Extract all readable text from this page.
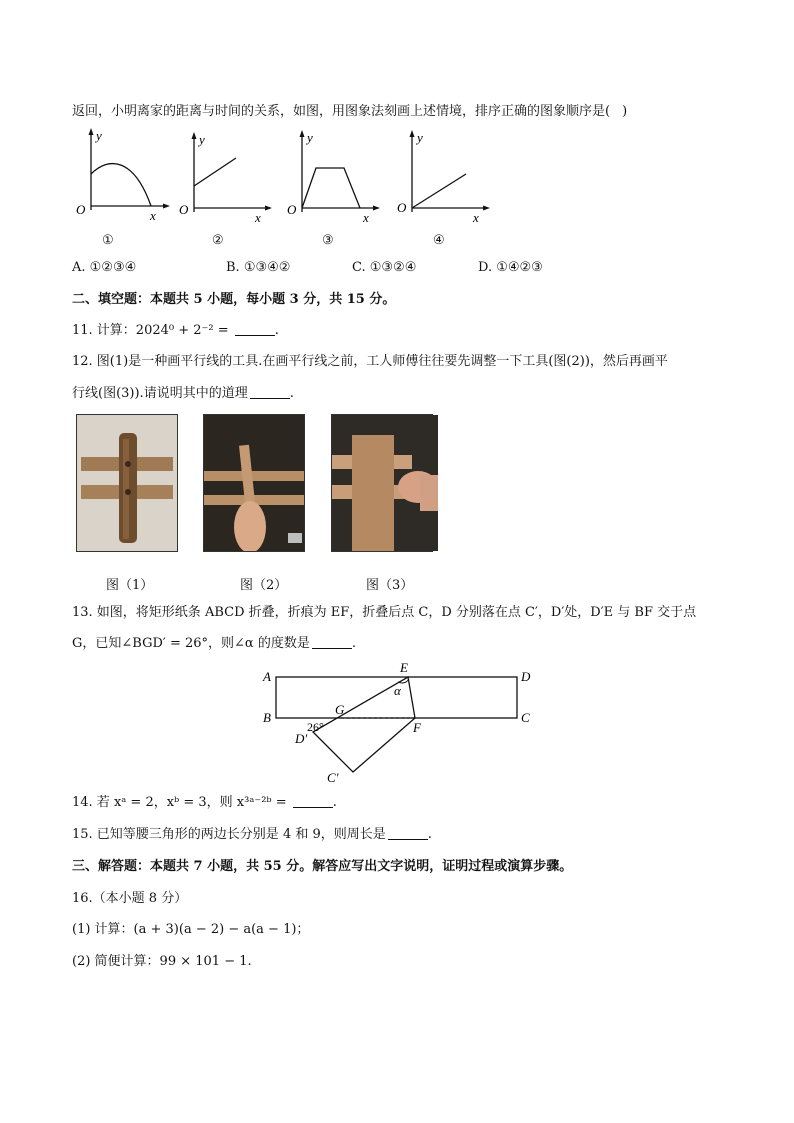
返回，小明离家的距离与时间的关系，如图，用图象法刻画上述情境，排序正确的图象顺序是( )
y
O	x
①
y
O
x
②
y
O
x
③
y
O
x
④
A. ①②③④	B. ①③④②	C. ①③②④	D. ①④②③
二、填空题：本题共 5 小题，每小题 3 分，共 15 分。
11. 计算：2024⁰ + 2⁻² =	.
12. 图(1)是一种画平行线的工具.在画平行线之前，工人师傅往往要先调整一下工具(图(2))，然后再画平
行线(图(3)).请说明其中的道理	.
图（1）	图（2）	图（3）
13. 如图，将矩形纸条 ABCD 折叠，折痕为 EF，折叠后点 C，D 分别落在点 C′，D′处，D′E 与 BF 交于点
G，已知∠BGD′ = 26°，则∠α 的度数是	.
A	D
B	C
E
F
G
D′
C′
26°
α
14. 若 xᵃ = 2，xᵇ = 3，则 x³ᵃ⁻²ᵇ =	.
15. 已知等腰三角形的两边长分别是 4 和 9，则周长是	.
三、解答题：本题共 7 小题，共 55 分。解答应写出文字说明，证明过程或演算步骤。
16.（本小题 8 分）
(1) 计算：(a + 3)(a − 2) − a(a − 1)；
(2) 简便计算：99 × 101 − 1.
